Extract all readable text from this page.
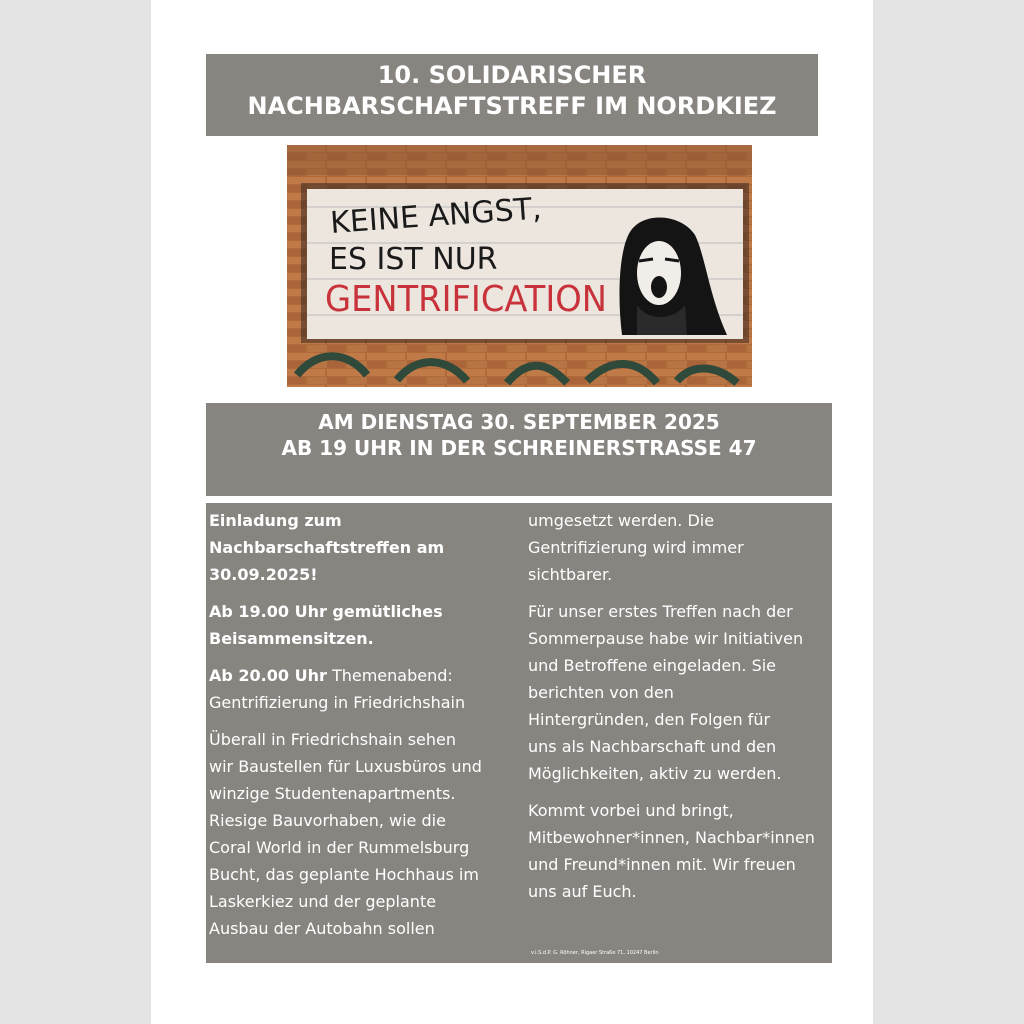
10. SOLIDARISCHER
NACHBARSCHAFTSTREFF IM NORDKIEZ
KEINE ANGST,
ES IST NUR
GENTRIFICATION
AM DIENSTAG 30. SEPTEMBER 2025
AB 19 UHR IN DER SCHREINERSTRASSE 47

Einladung zum
Nachbarschaftstreffen am
30.09.2025!

Ab 19.00 Uhr gemütliches
Beisammensitzen.

Ab 20.00 Uhr Themenabend:
Gentrifizierung in Friedrichshain

Überall in Friedrichshain sehen
wir Baustellen für Luxusbüros und
winzige Studentenapartments.
Riesige Bauvorhaben, wie die
Coral World in der Rummelsburg
Bucht, das geplante Hochhaus im
Laskerkiez und der geplante
Ausbau der Autobahn sollen

umgesetzt werden. Die
Gentrifizierung wird immer
sichtbarer.

Für unser erstes Treffen nach der
Sommerpause habe wir Initiativen
und Betroffene eingeladen. Sie
berichten von den
Hintergründen, den Folgen für
uns als Nachbarschaft und den
Möglichkeiten, aktiv zu werden.

Kommt vorbei und bringt,
Mitbewohner*innen, Nachbar*innen
und Freund*innen mit. Wir freuen
uns auf Euch.

v.i.S.d.P. G. Röhner, Rigaer Straße 71, 10247 Berlin
